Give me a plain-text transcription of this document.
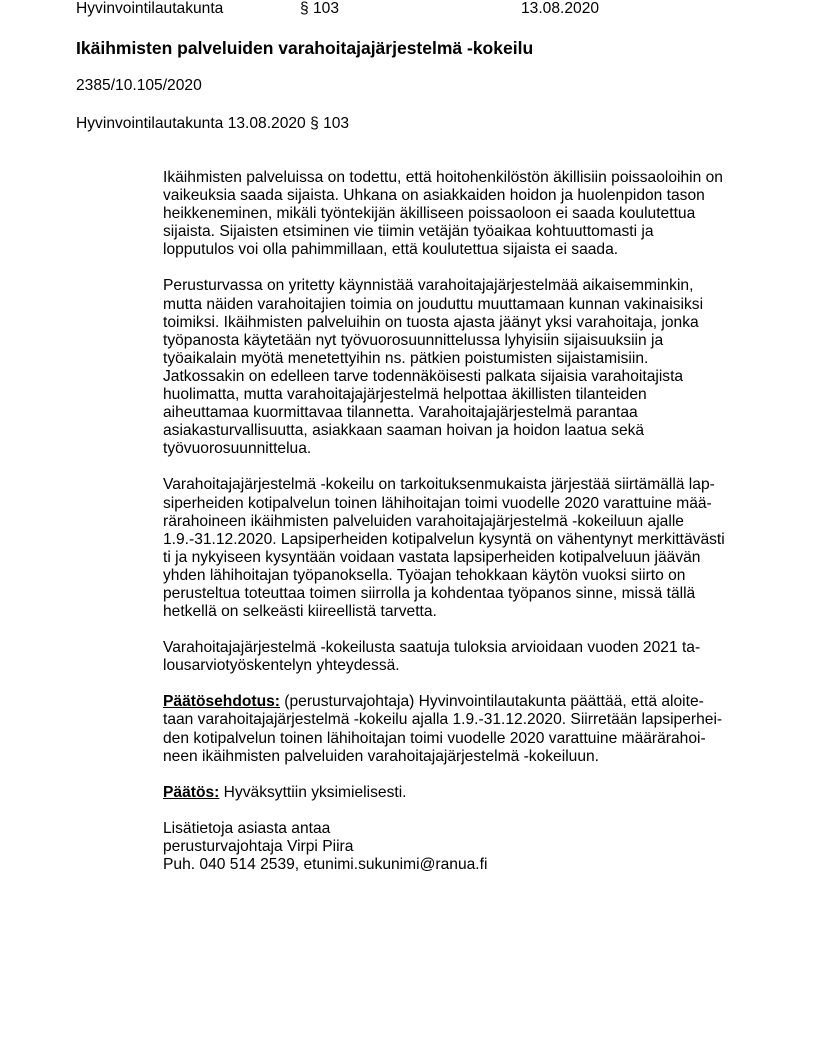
Hyvinvointilautakunta	§ 103	13.08.2020
Ikäihmisten palveluiden varahoitajajärjestelmä -kokeilu
2385/10.105/2020
Hyvinvointilautakunta 13.08.2020 § 103

Ikäihmisten palveluissa on todettu, että hoitohenkilöstön äkillisiin poissaoloihin on
vaikeuksia saada sijaista. Uhkana on asiakkaiden hoidon ja huolenpidon tason
heikkeneminen, mikäli työntekijän äkilliseen poissaoloon ei saada koulutettua
sijaista. Sijaisten etsiminen vie tiimin vetäjän työaikaa kohtuuttomasti ja
lopputulos voi olla pahimmillaan, että koulutettua sijaista ei saada.

Perusturvassa on yritetty käynnistää varahoitajajärjestelmää aikaisemminkin,
mutta näiden varahoitajien toimia on jouduttu muuttamaan kunnan vakinaisiksi
toimiksi. Ikäihmisten palveluihin on tuosta ajasta jäänyt yksi varahoitaja, jonka
työpanosta käytetään nyt työvuorosuunnittelussa lyhyisiin sijaisuuksiin ja
työaikalain myötä menetettyihin ns. pätkien poistumisten sijaistamisiin.
Jatkossakin on edelleen tarve todennäköisesti palkata sijaisia varahoitajista
huolimatta, mutta varahoitajajärjestelmä helpottaa äkillisten tilanteiden
aiheuttamaa kuormittavaa tilannetta. Varahoitajajärjestelmä parantaa
asiakasturvallisuutta, asiakkaan saaman hoivan ja hoidon laatua sekä
työvuorosuunnittelua.

Varahoitajajärjestelmä -kokeilu on tarkoituksenmukaista järjestää siirtämällä lap-
siperheiden kotipalvelun toinen lähihoitajan toimi vuodelle 2020 varattuine mää-
rärahoineen ikäihmisten palveluiden varahoitajajärjestelmä -kokeiluun ajalle
1.9.-31.12.2020. Lapsiperheiden kotipalvelun kysyntä on vähentynyt merkittävästi
ti ja nykyiseen kysyntään voidaan vastata lapsiperheiden kotipalveluun jäävän
yhden lähihoitajan työpanoksella. Työajan tehokkaan käytön vuoksi siirto on
perusteltua toteuttaa toimen siirrolla ja kohdentaa työpanos sinne, missä tällä
hetkellä on selkeästi kiireellistä tarvetta.

Varahoitajajärjestelmä -kokeilusta saatuja tuloksia arvioidaan vuoden 2021 ta-
lousarviotyöskentelyn yhteydessä.

Päätösehdotus: (perusturvajohtaja) Hyvinvointilautakunta päättää, että aloite-
taan varahoitajajärjestelmä -kokeilu ajalla 1.9.-31.12.2020. Siirretään lapsiperhei-
den kotipalvelun toinen lähihoitajan toimi vuodelle 2020 varattuine määrärahoi-
neen ikäihmisten palveluiden varahoitajajärjestelmä -kokeiluun.

Päätös: Hyväksyttiin yksimielisesti.

Lisätietoja asiasta antaa
perusturvajohtaja Virpi Piira
Puh. 040 514 2539, etunimi.sukunimi@ranua.fi
